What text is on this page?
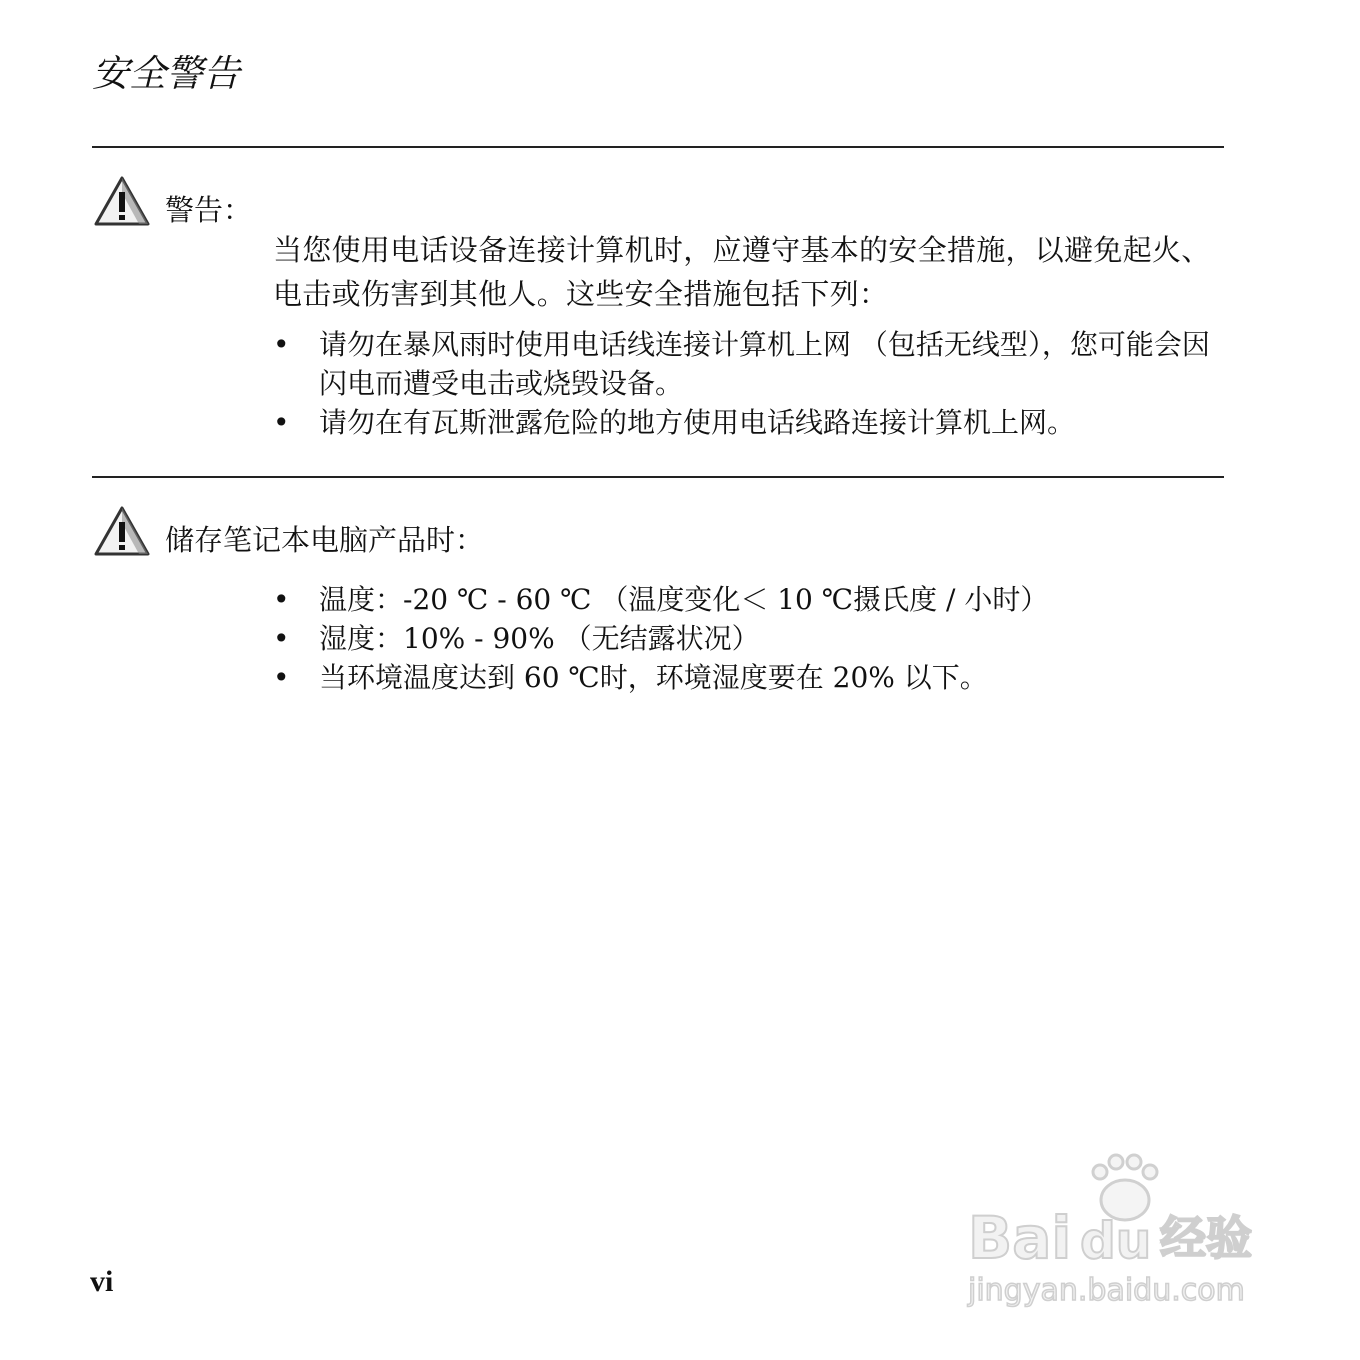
安全警告
警告：

当您使用电话设备连接计算机时，应遵守基本的安全措施，以避免起火、电击或伤害到其他人。这些安全措施包括下列：

• 请勿在暴风雨时使用电话线连接计算机上网 （包括无线型），您可能会因闪电而遭受电击或烧毁设备。
• 请勿在有瓦斯泄露危险的地方使用电话线路连接计算机上网。
储存笔记本电脑产品时：
• 温度：-20 ℃ - 60 ℃ （温度变化＜ 10 ℃摄氏度 / 小时）
• 湿度：10% - 90% （无结露状况）
• 当环境温度达到 60 ℃时，环境湿度要在 20% 以下。

vi

Bai du 经验
jingyan.baidu.com
